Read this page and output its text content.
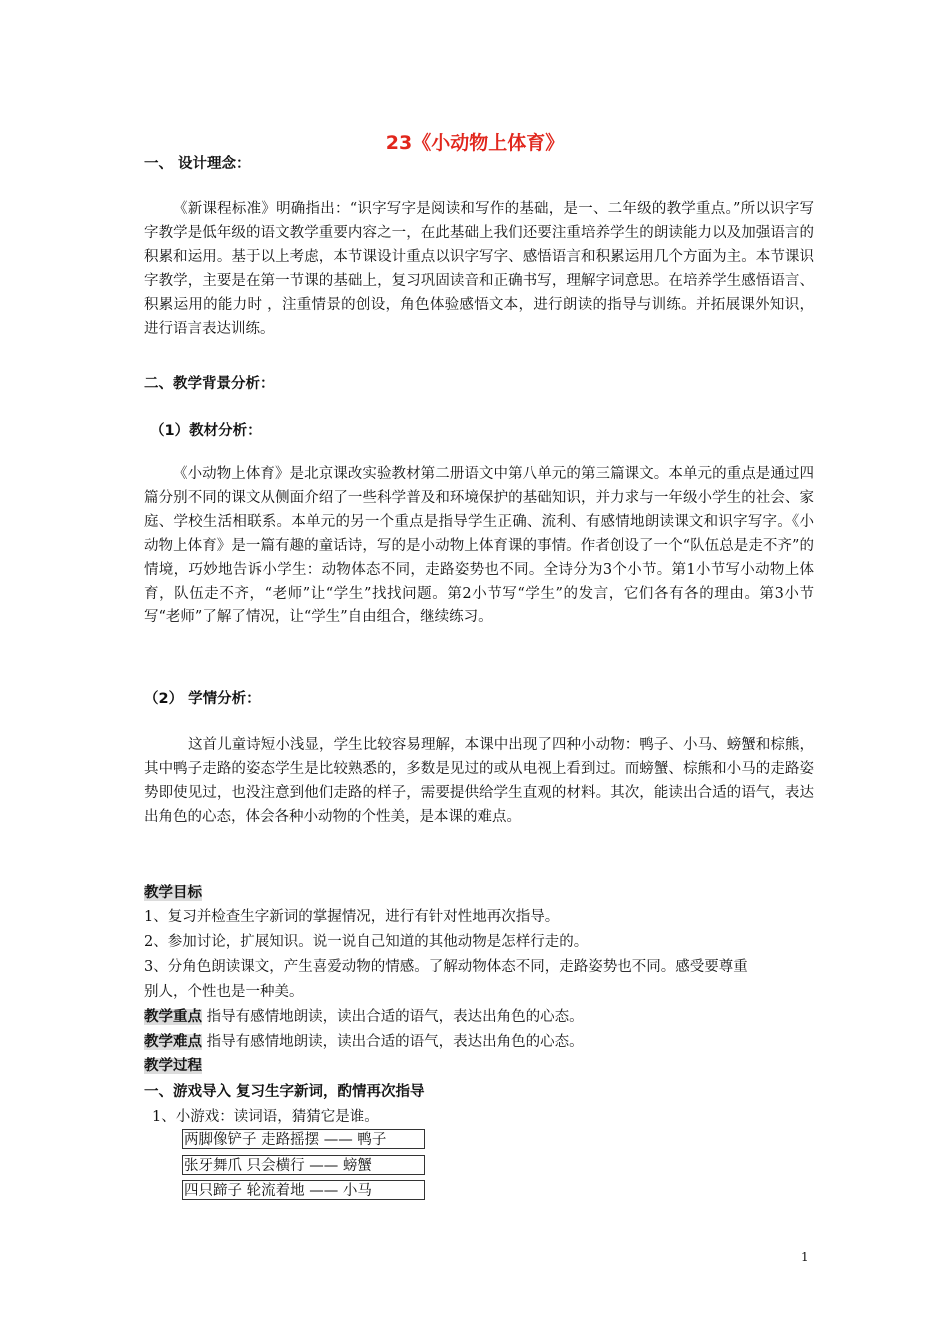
23《小动物上体育》
一、 设计理念：
《新课程标准》明确指出：“识字写字是阅读和写作的基础，是一、二年级的教学重点。”所以识字写字教学是低年级的语文教学重要内容之一，在此基础上我们还要注重培养学生的朗读能力以及加强语言的积累和运用。基于以上考虑，本节课设计重点以识字写字、感悟语言和积累运用几个方面为主。本节课识字教学，主要是在第一节课的基础上，复习巩固读音和正确书写，理解字词意思。在培养学生感悟语言、积累运用的能力时 ，注重情景的创设，角色体验感悟文本，进行朗读的指导与训练。并拓展课外知识，进行语言表达训练。
二、教学背景分析：
（1）教材分析：
《小动物上体育》是北京课改实验教材第二册语文中第八单元的第三篇课文。本单元的重点是通过四篇分别不同的课文从侧面介绍了一些科学普及和环境保护的基础知识，并力求与一年级小学生的社会、家庭、学校生活相联系。本单元的另一个重点是指导学生正确、流利、有感情地朗读课文和识字写字。《小动物上体育》是一篇有趣的童话诗，写的是小动物上体育课的事情。作者创设了一个“队伍总是走不齐”的情境，巧妙地告诉小学生：动物体态不同，走路姿势也不同。全诗分为3个小节。第1小节写小动物上体育，队伍走不齐，“老师”让“学生”找找问题。第2小节写“学生”的发言，它们各有各的理由。第3小节写“老师”了解了情况，让“学生”自由组合，继续练习。
（2） 学情分析：
这首儿童诗短小浅显，学生比较容易理解，本课中出现了四种小动物：鸭子、小马、螃蟹和棕熊，其中鸭子走路的姿态学生是比较熟悉的，多数是见过的或从电视上看到过。而螃蟹、棕熊和小马的走路姿势即使见过，也没注意到他们走路的样子，需要提供给学生直观的材料。其次，能读出合适的语气，表达出角色的心态，体会各种小动物的个性美，是本课的难点。
教学目标
1、复习并检查生字新词的掌握情况，进行有针对性地再次指导。
2、参加讨论，扩展知识。说一说自己知道的其他动物是怎样行走的。
3、分角色朗读课文，产生喜爱动物的情感。了解动物体态不同，走路姿势也不同。感受要尊重
别人，个性也是一种美。
教学重点 指导有感情地朗读，读出合适的语气，表达出角色的心态。
教学难点 指导有感情地朗读，读出合适的语气，表达出角色的心态。
教学过程
一、游戏导入 复习生字新词，酌情再次指导
1、小游戏：读词语，猜猜它是谁。
两脚像铲子 走路摇摆 —— 鸭子
张牙舞爪 只会横行 —— 螃蟹
四只蹄子 轮流着地 —— 小马
1
